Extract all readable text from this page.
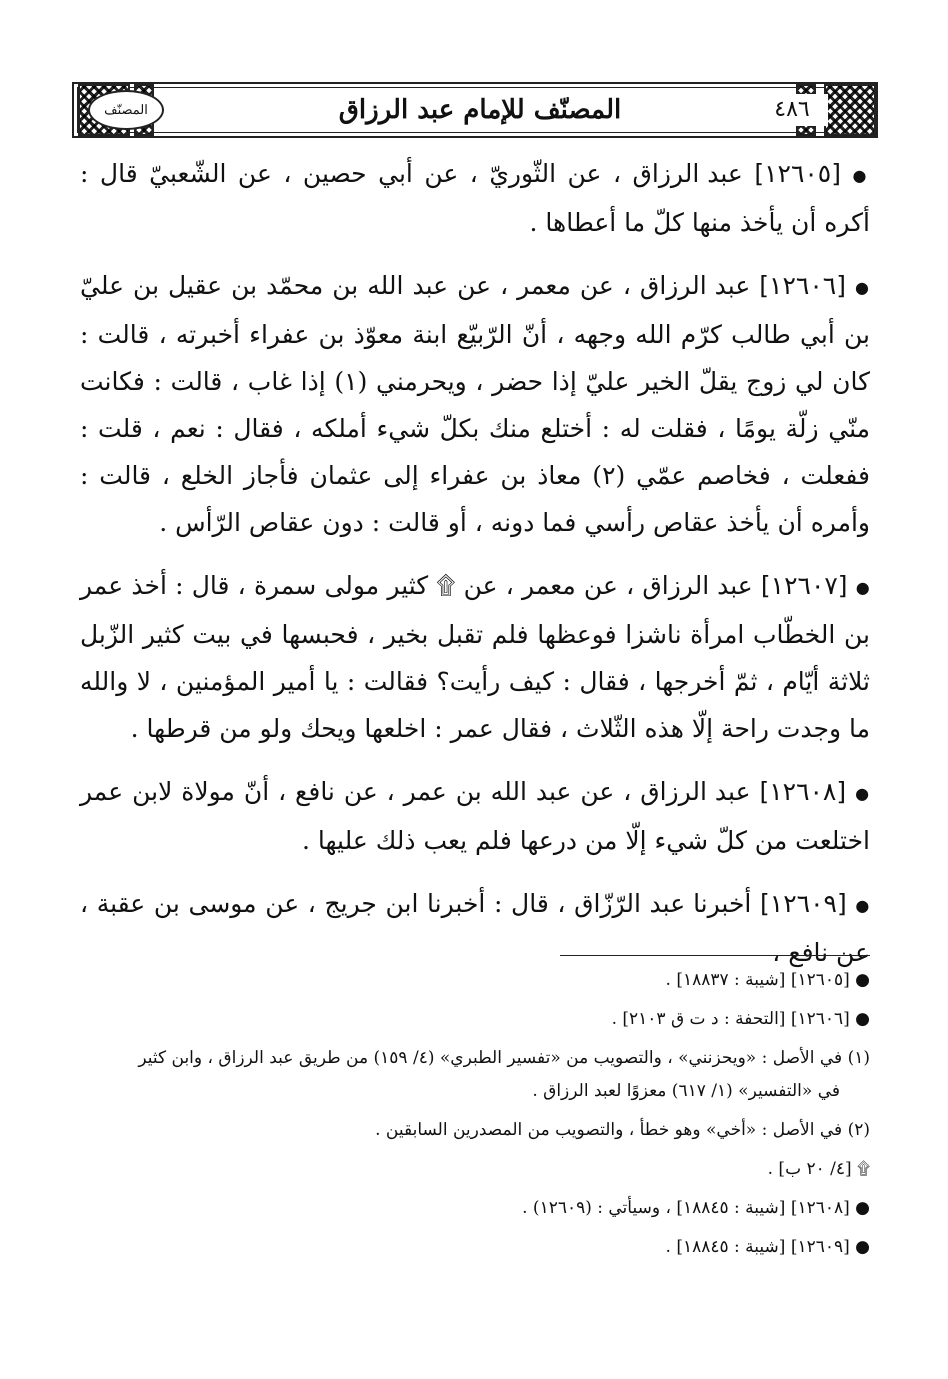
المصنّف	٤٨٦
المصنّف للإمام عبد الرزاق

● [١٢٦٠٥] عبد الرزاق ، عن الثّوريّ ، عن أبي حصين ، عن الشّعبيّ قال : أكره أن يأخذ منها كلّ ما أعطاها .

● [١٢٦٠٦] عبد الرزاق ، عن معمر ، عن عبد الله بن محمّد بن عقيل بن عليّ بن أبي طالب كرّم الله وجهه ، أنّ الرّبيّع ابنة معوّذ بن عفراء أخبرته ، قالت : كان لي زوج يقلّ الخير عليّ إذا حضر ، ويحرمني (١) إذا غاب ، قالت : فكانت منّي زلّة يومًا ، فقلت له : أختلع منك بكلّ شيء أملكه ، فقال : نعم ، قلت : ففعلت ، فخاصم عمّي (٢) معاذ بن عفراء إلى عثمان فأجاز الخلع ، قالت : وأمره أن يأخذ عقاص رأسي فما دونه ، أو قالت : دون عقاص الرّأس .

● [١٢٦٠٧] عبد الرزاق ، عن معمر ، عن ۩ كثير مولى سمرة ، قال : أخذ عمر بن الخطّاب امرأة ناشزا فوعظها فلم تقبل بخير ، فحبسها في بيت كثير الزّبل ثلاثة أيّام ، ثمّ أخرجها ، فقال : كيف رأيت؟ فقالت : يا أمير المؤمنين ، لا والله ما وجدت راحة إلّا هذه الثّلاث ، فقال عمر : اخلعها ويحك ولو من قرطها .

● [١٢٦٠٨] عبد الرزاق ، عن عبد الله بن عمر ، عن نافع ، أنّ مولاة لابن عمر اختلعت من كلّ شيء إلّا من درعها فلم يعب ذلك عليها .

● [١٢٦٠٩] أخبرنا عبد الرّزّاق ، قال : أخبرنا ابن جريج ، عن موسى بن عقبة ، عن نافع ،

● [١٢٦٠٥] [شيبة : ١٨٨٣٧] .

● [١٢٦٠٦] [التحفة : د ت ق ٢١٠٣] .

(١) في الأصل : «ويحزنني» ، والتصويب من «تفسير الطبري» (٤/ ١٥٩) من طريق عبد الرزاق ، وابن كثير
في «التفسير» (١/ ٦١٧) معزوًا لعبد الرزاق .

(٢) في الأصل : «أخي» وهو خطأ ، والتصويب من المصدرين السابقين .

۩ [٤/ ٢٠ ب] .

● [١٢٦٠٨] [شيبة : ١٨٨٤٥] ، وسيأتي : (١٢٦٠٩) .

● [١٢٦٠٩] [شيبة : ١٨٨٤٥] .
